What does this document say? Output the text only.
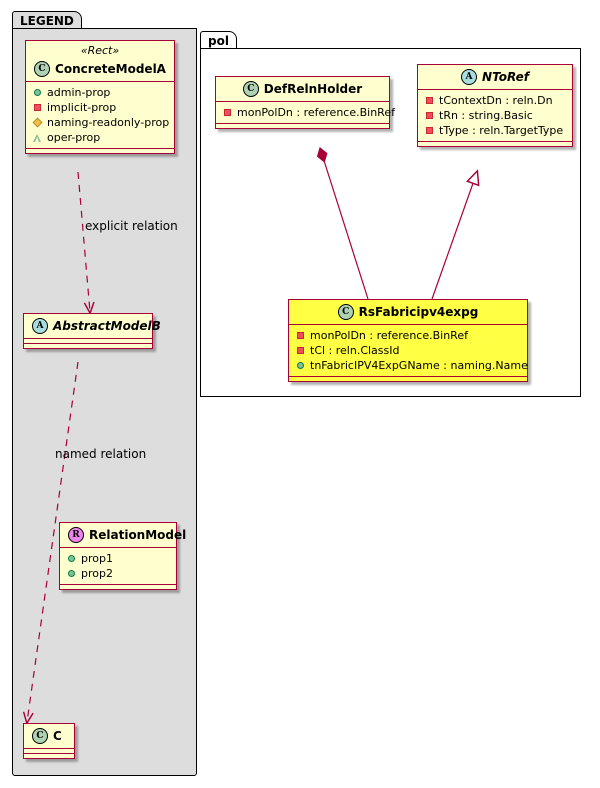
LEGEND
pol
explicit relation
named relation
«Rect»
C ConcreteModelA
admin-prop
implicit-prop
naming-readonly-prop
oper-prop
A AbstractModelB
R RelationModel
prop1
prop2
C C
C DefRelnHolder
monPolDn : reference.BinRef
A NToRef
tContextDn : reln.Dn
tRn : string.Basic
tType : reln.TargetType
C RsFabricipv4expg
monPolDn : reference.BinRef
tCl : reln.ClassId
tnFabricIPV4ExpGName : naming.Name
